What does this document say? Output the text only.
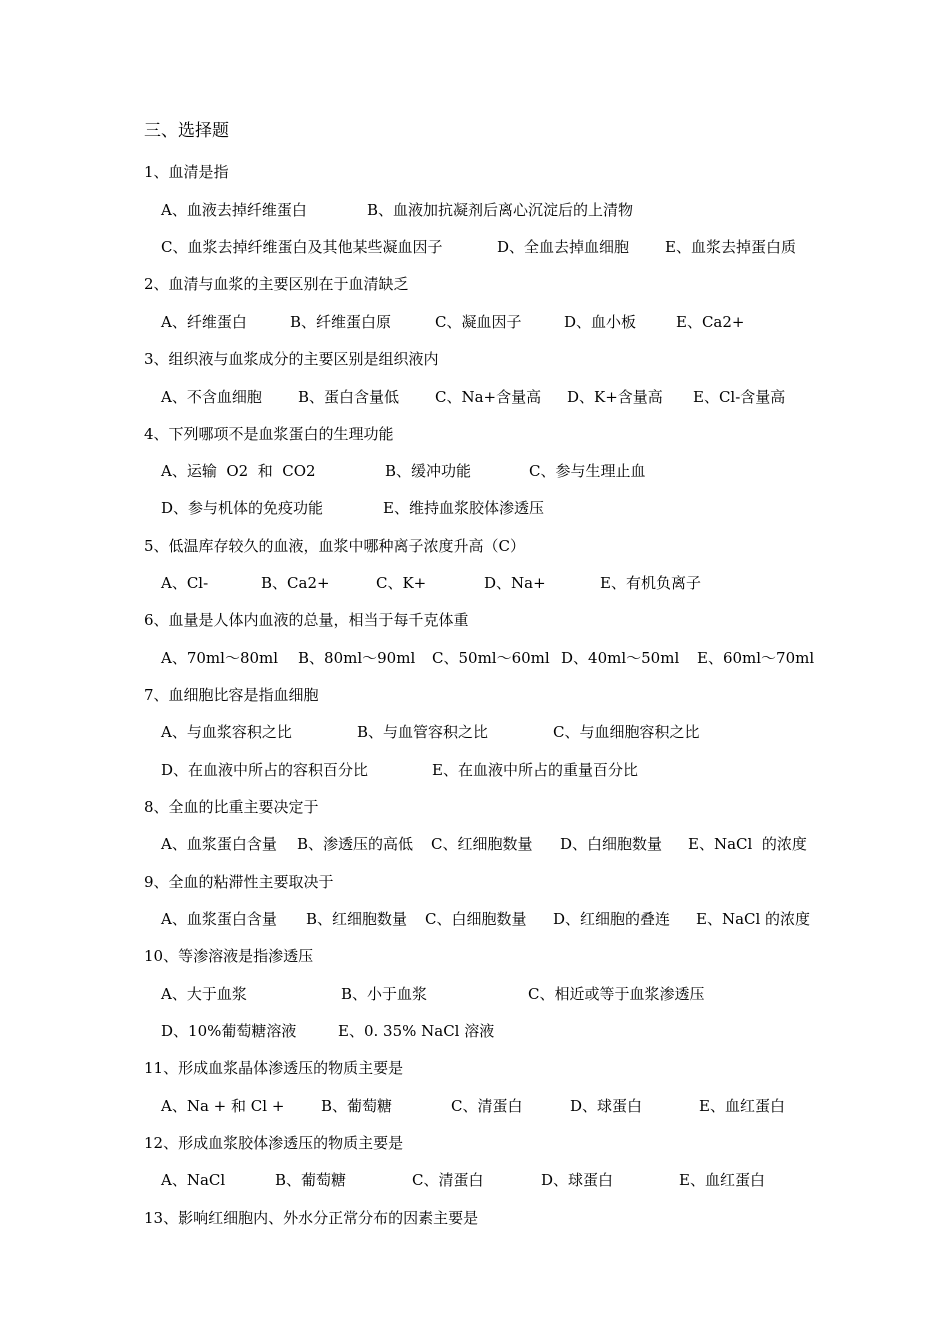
三、选择题
1、血清是指
A、血液去掉纤维蛋白	B、血液加抗凝剂后离心沉淀后的上清物
C、血浆去掉纤维蛋白及其他某些凝血因子	D、全血去掉血细胞 E、血浆去掉蛋白质
2、血清与血浆的主要区别在于血清缺乏
A、纤维蛋白	B、纤维蛋白原	C、凝血因子	D、血小板	E、Ca2+
3、组织液与血浆成分的主要区别是组织液内
A、不含血细胞 B、蛋白含量低 C、Na+含量高 D、K+含量高 E、Cl-含量高
4、下列哪项不是血浆蛋白的生理功能
A、运输  O2  和  CO2	B、缓冲功能	C、参与生理止血
D、参与机体的免疫功能	E、维持血浆胶体渗透压
5、低温库存较久的血液，血浆中哪种离子浓度升高（C）
A、Cl-	B、Ca2+	C、K+	D、Na+	E、有机负离子
6、血量是人体内血液的总量，相当于每千克体重
A、70ml～80ml B、80ml～90ml C、50ml～60ml D、40ml～50ml E、60ml～70ml
7、血细胞比容是指血细胞
A、与血浆容积之比	B、与血管容积之比	C、与血细胞容积之比
D、在血液中所占的容积百分比	E、在血液中所占的重量百分比
8、全血的比重主要决定于
A、血浆蛋白含量 B、渗透压的高低 C、红细胞数量 D、白细胞数量 E、NaCl  的浓度
9、全血的粘滞性主要取决于
A、血浆蛋白含量 B、红细胞数量 C、白细胞数量 D、红细胞的叠连 E、NaCl 的浓度
10、等渗溶液是指渗透压
A、大于血浆	B、小于血浆	C、相近或等于血浆渗透压
D、10%葡萄糖溶液	E、0. 35% NaCl 溶液
11、形成血浆晶体渗透压的物质主要是
A、Na + 和 Cl + B、葡萄糖	C、清蛋白	D、球蛋白	E、血红蛋白
12、形成血浆胶体渗透压的物质主要是
A、NaCl	B、葡萄糖	C、清蛋白	D、球蛋白	E、血红蛋白
13、影响红细胞内、外水分正常分布的因素主要是
